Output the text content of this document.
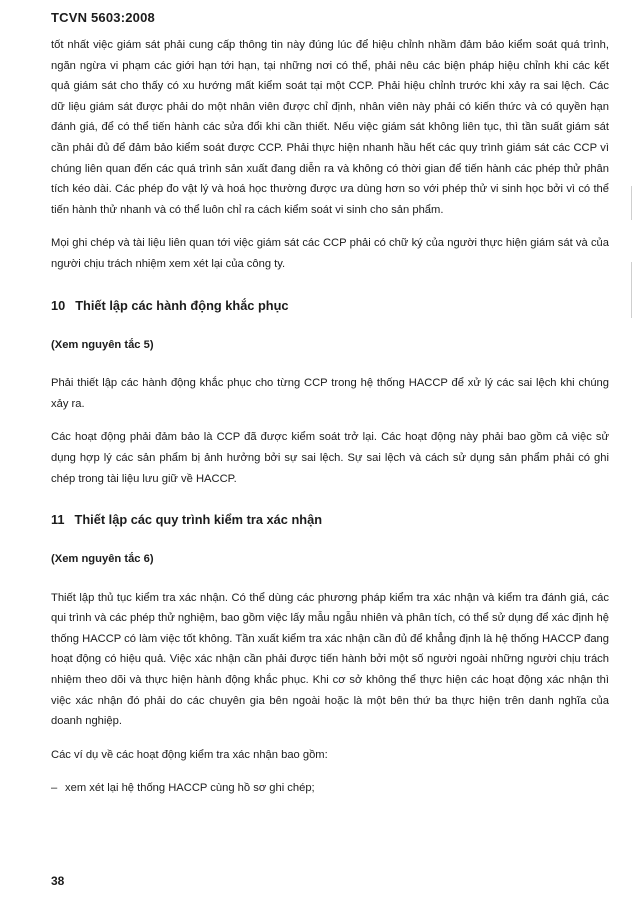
TCVN 5603:2008

tốt nhất việc giám sát phải cung cấp thông tin này đúng lúc để hiệu chỉnh nhầm đảm bảo kiểm soát quá trình, ngăn ngừa vi phạm các giới hạn tới hạn, tại những nơi có thể, phải nêu các biện pháp hiệu chỉnh khi các kết quả giám sát cho thấy có xu hướng mất kiểm soát tại một CCP. Phải hiệu chỉnh trước khi xảy ra sai lệch. Các dữ liệu giám sát được phải do một nhân viên được chỉ định, nhân viên này phải có kiến thức và có quyền hạn đánh giá, để có thể tiến hành các sửa đổi khi cần thiết. Nếu việc giám sát không liên tục, thì tần suất giám sát cần phải đủ để đảm bảo kiểm soát được CCP. Phải thực hiện nhanh hầu hết các quy trình giám sát các CCP vì chúng liên quan đến các quá trình sản xuất đang diễn ra và không có thời gian để tiến hành các phép thử phân tích kéo dài. Các phép đo vật lý và hoá học thường được ưa dùng hơn so với phép thử vi sinh học bởi vì có thể tiến hành thử nhanh và có thể luôn chỉ ra cách kiểm soát vi sinh cho sản phẩm.

Mọi ghi chép và tài liệu liên quan tới việc giám sát các CCP phải có chữ ký của người thực hiện giám sát và của người chịu trách nhiệm xem xét lại của công ty.

10 Thiết lập các hành động khắc phục
(Xem nguyên tắc 5)

Phải thiết lập các hành động khắc phục cho từng CCP trong hệ thống HACCP để xử lý các sai lệch khi chúng xảy ra.

Các hoạt động phải đảm bảo là CCP đã được kiểm soát trở lại. Các hoạt động này phải bao gồm cả việc sử dụng hợp lý các sản phẩm bị ảnh hưởng bởi sự sai lệch. Sự sai lệch và cách sử dụng sản phẩm phải có ghi chép trong tài liệu lưu giữ về HACCP.

11 Thiết lập các quy trình kiểm tra xác nhận
(Xem nguyên tắc 6)

Thiết lập thủ tục kiểm tra xác nhận. Có thể dùng các phương pháp kiểm tra xác nhận và kiểm tra đánh giá, các qui trình và các phép thử nghiệm, bao gồm việc lấy mẫu ngẫu nhiên và phân tích, có thể sử dụng để xác định hệ thống HACCP có làm việc tốt không. Tần xuất kiểm tra xác nhận cần đủ để khẳng định là hệ thống HACCP đang hoạt động có hiệu quả. Việc xác nhận cần phải được tiến hành bởi một số người ngoài những người chịu trách nhiệm theo dõi và thực hiện hành động khắc phục. Khi cơ sở không thể thực hiện các hoạt động xác nhận thì việc xác nhận đó phải do các chuyên gia bên ngoài hoặc là một bên thứ ba thực hiện trên danh nghĩa của doanh nghiệp.

Các ví dụ về các hoạt động kiểm tra xác nhận bao gồm:

– xem xét lại hệ thống HACCP cùng hồ sơ ghi chép;
38
